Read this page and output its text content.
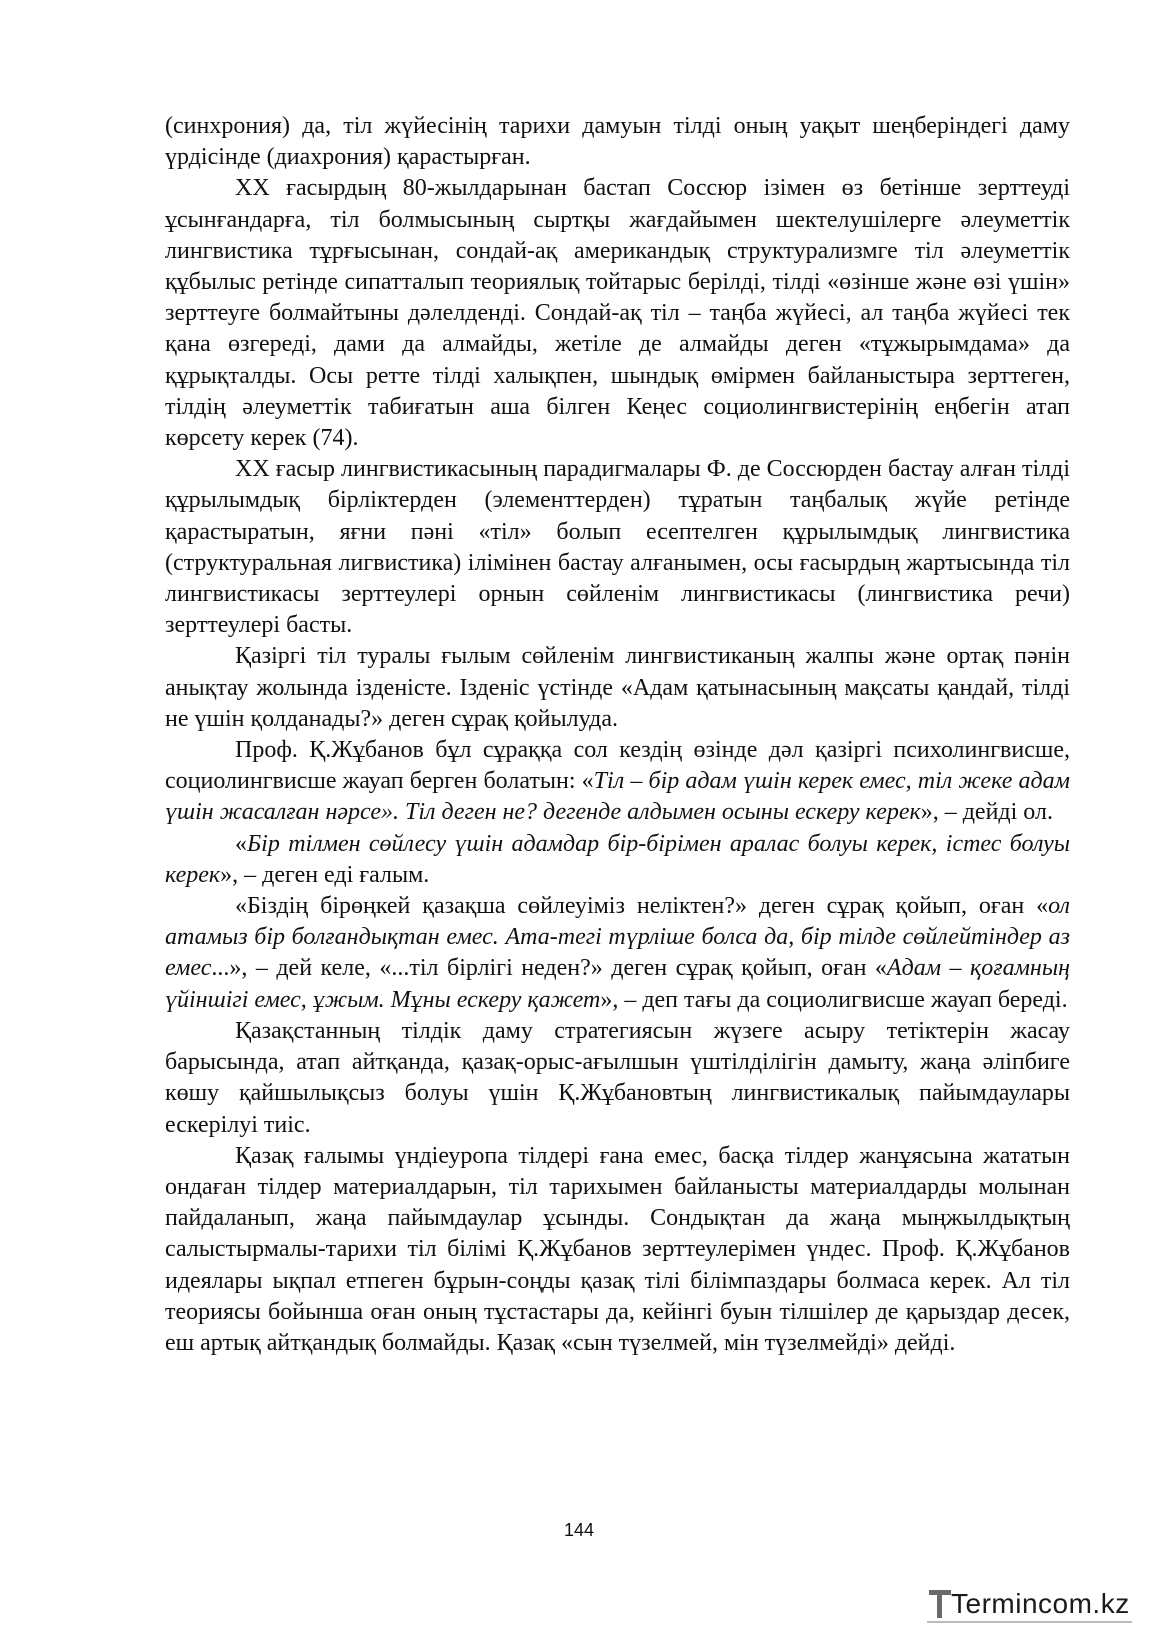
(синхрония) да, тіл жүйесінің тарихи дамуын тілді оның уақыт шеңберіндегі даму үрдісінде (диахрония) қарастырған.

ХХ ғасырдың 80-жылдарынан бастап Соссюр ізімен өз бетінше зерттеуді ұсынғандарға, тіл болмысының сыртқы жағдайымен шектелушілерге әлеуметтік лингвистика тұрғысынан, сондай-ақ американдық структурализмге тіл әлеуметтік құбылыс ретінде сипатталып теориялық тойтарыс берілді, тілді «өзінше және өзі үшін» зерттеуге болмайтыны дәлелденді. Сондай-ақ тіл – таңба жүйесі, ал таңба жүйесі тек қана өзгереді, дами да алмайды, жетіле де алмайды деген «тұжырымдама» да құрықталды. Осы ретте тілді халықпен, шындық өмірмен байланыстыра зерттеген, тілдің әлеуметтік табиғатын аша білген Кеңес социолингвистерінің еңбегін атап көрсету керек (74).

ХХ ғасыр лингвистикасының парадигмалары Ф. де Соссюрден бастау алған тілді құрылымдық бірліктерден (элементтерден) тұратын таңбалық жүйе ретінде қарастыратын, яғни пәні «тіл» болып есептелген құрылымдық лингвистика (структуральная лигвистика) ілімінен бастау алғанымен, осы ғасырдың жартысында тіл лингвистикасы зерттеулері орнын сөйленім лингвистикасы (лингвистика речи) зерттеулері басты.

Қазіргі тіл туралы ғылым сөйленім лингвистиканың жалпы және ортақ пәнін анықтау жолында ізденісте. Ізденіс үстінде «Адам қатынасының мақсаты қандай, тілді не үшін қолданады?» деген сұрақ қойылуда.

Проф. Қ.Жұбанов бұл сұраққа сол кездің өзінде дәл қазіргі психолингвисше, социолингвисше жауап берген болатын: «Тіл – бір адам үшін керек емес, тіл жеке адам үшін жасалған нәрсе». Тіл деген не? дегенде алдымен осыны ескеру керек», – дейді ол.

«Бір тілмен сөйлесу үшін адамдар бір-бірімен аралас болуы керек, істес болуы керек», – деген еді ғалым.

«Біздің бірөңкей қазақша сөйлеуіміз неліктен?» деген сұрақ қойып, оған «ол атамыз бір болғандықтан емес. Ата-тегі түрліше болса да, бір тілде сөйлейтіндер аз емес...», – дей келе, «...тіл бірлігі неден?» деген сұрақ қойып, оған «Адам – қоғамның үйіншігі емес, ұжым. Мұны ескеру қажет», – деп тағы да социолигвисше жауап береді.

Қазақстанның тілдік даму стратегиясын жүзеге асыру тетіктерін жасау барысында, атап айтқанда, қазақ-орыс-ағылшын үштілділігін дамыту, жаңа әліпбиге көшу қайшылықсыз болуы үшін Қ.Жұбановтың лингвистикалық пайымдаулары ескерілуі тиіс.

Қазақ ғалымы үндіеуропа тілдері ғана емес, басқа тілдер жанұясына жататын ондаған тілдер материалдарын, тіл тарихымен байланысты материалдарды молынан пайдаланып, жаңа пайымдаулар ұсынды. Сондықтан да жаңа мыңжылдықтың салыстырмалы-тарихи тіл білімі Қ.Жұбанов зерттеулерімен үндес. Проф. Қ.Жұбанов идеялары ықпал етпеген бұрын-соңды қазақ тілі білімпаздары болмаса керек. Ал тіл теориясы бойынша оған оның тұстастары да, кейінгі буын тілшілер де қарыздар десек, еш артық айтқандық болмайды. Қазақ «сын түзелмей, мін түзелмейді» дейді.

144
Termincom.kz
